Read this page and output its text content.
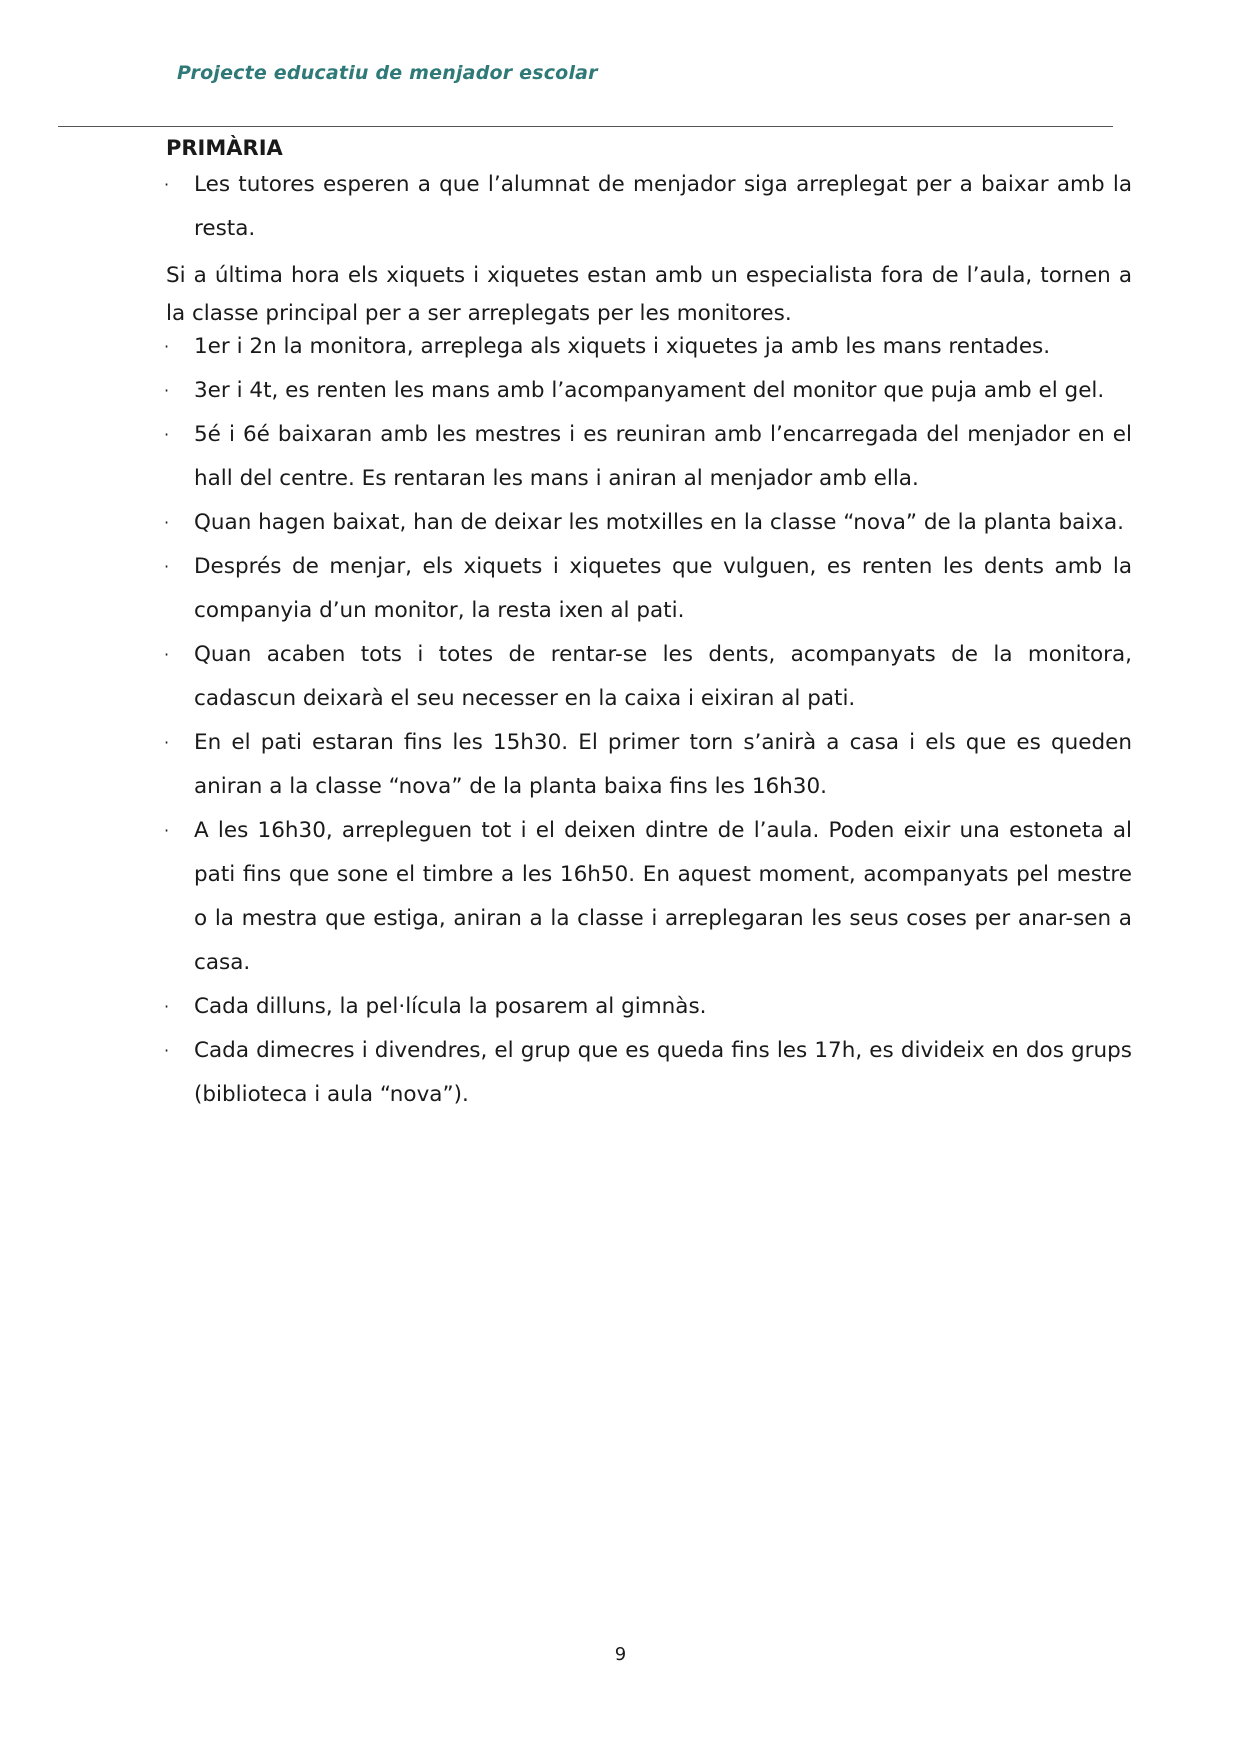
Projecte educatiu de menjador escolar
PRIMÀRIA
· Les tutores esperen a que l’alumnat de menjador siga arreplegat per a baixar amb la resta.
Si a última hora els xiquets i xiquetes estan amb un especialista fora de l’aula, tornen a la classe principal per a ser arreplegats per les monitores.
· 1er i 2n la monitora, arreplega als xiquets i xiquetes ja amb les mans rentades.
· 3er i 4t, es renten les mans amb l’acompanyament del monitor que puja amb el gel.
· 5é i 6é baixaran amb les mestres i es reuniran amb l’encarregada del menjador en el hall del centre. Es rentaran les mans i aniran al menjador amb ella.
· Quan hagen baixat, han de deixar les motxilles en la classe “nova” de la planta baixa.
· Després de menjar, els xiquets i xiquetes que vulguen, es renten les dents amb la companyia d’un monitor, la resta ixen al pati.
· Quan acaben tots i totes de rentar-se les dents, acompanyats de la monitora, cadascun deixarà el seu necesser en la caixa i eixiran al pati.
· En el pati estaran fins les 15h30. El primer torn s’anirà a casa i els que es queden aniran a la classe “nova” de la planta baixa fins les 16h30.
· A les 16h30, arrepleguen tot i el deixen dintre de l’aula. Poden eixir una estoneta al pati fins que sone el timbre a les 16h50. En aquest moment, acompanyats pel mestre o la mestra que estiga, aniran a la classe i arreplegaran les seus coses per anar-sen a casa.
· Cada dilluns, la pel·lícula la posarem al gimnàs.
· Cada dimecres i divendres, el grup que es queda fins les 17h, es divideix en dos grups (biblioteca i aula “nova”).
9
